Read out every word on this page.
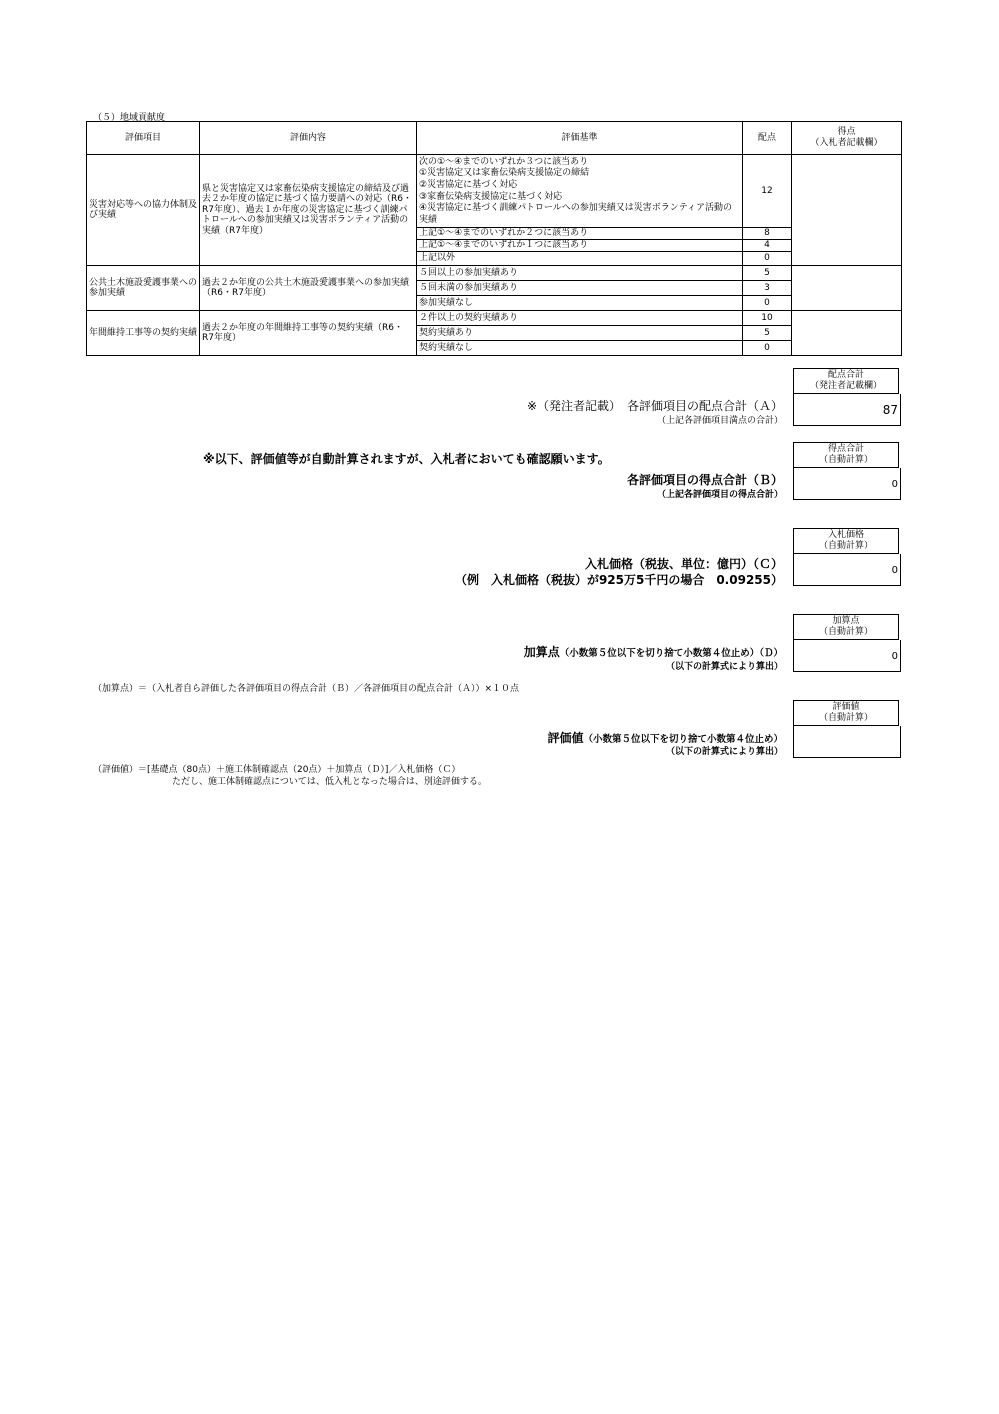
（５）地域貢献度
評価項目	評価内容	評価基準	配点	得点
（入札者記載欄）

災害対応等への協力体制及び実績	県と災害協定又は家畜伝染病支援協定の締結及び過去２か年度の協定に基づく協力要請への対応（R6・R7年度）、過去１か年度の災害協定に基づく訓練パトロールへの参加実績又は災害ボランティア活動の実績（R7年度）	次の①～④までのいずれか３つに該当あり
①災害協定又は家畜伝染病支援協定の締結
②災害協定に基づく対応
③家畜伝染病支援協定に基づく対応
④災害協定に基づく訓練パトロールへの参加実績又は災害ボランティア活動の実績	12	
		上記①～④までのいずれか２つに該当あり	8	
		上記①～④までのいずれか１つに該当あり	4	
		上記以外	0	
公共土木施設愛護事業への参加実績	過去２か年度の公共土木施設愛護事業への参加実績（R6・R7年度）	５回以上の参加実績あり	5	
		５回未満の参加実績あり	3	
		参加実績なし	0	
年間維持工事等の契約実績	過去２か年度の年間維持工事等の契約実績（R6・R7年度）	２件以上の契約実績あり	10	
		契約実績あり	5	
		契約実績なし	0	
配点合計
（発注者記載欄）
87
※（発注者記載）　各評価項目の配点合計（Ａ）
（上記各評価項目満点の合計）
※以下、評価値等が自動計算されますが、入札者においても確認願います。
得点合計
（自動計算）
0
各評価項目の得点合計（Ｂ）
（上記各評価項目の得点合計）
入札価格
（自動計算）
0
入札価格（税抜、単位：億円）（Ｃ）
（例　入札価格（税抜）が925万5千円の場合　0.09255）
加算点
（自動計算）
0
加算点（小数第５位以下を切り捨て小数第４位止め）（Ｄ）
（以下の計算式により算出）
（加算点）＝（入札者自ら評価した各評価項目の得点合計（Ｂ）／各評価項目の配点合計（Ａ））×１０点
評価値
（自動計算）
評価値（小数第５位以下を切り捨て小数第４位止め）
（以下の計算式により算出）
（評価値）＝[基礎点（80点）＋施工体制確認点（20点）＋加算点（Ｄ）]／入札価格（Ｃ）
ただし、施工体制確認点については、低入札となった場合は、別途評価する。
